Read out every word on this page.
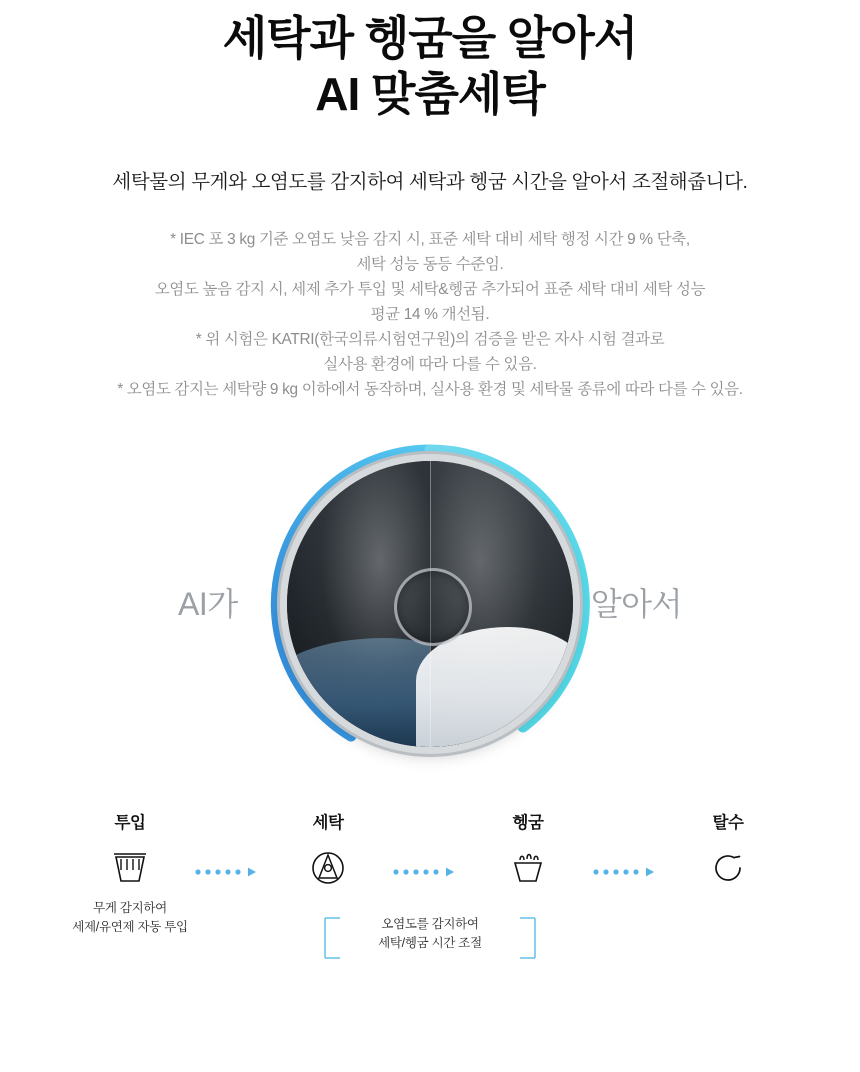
세탁과 헹굼을 알아서
AI 맞춤세탁
세탁물의 무게와 오염도를 감지하여 세탁과 헹굼 시간을 알아서 조절해줍니다.
* IEC 포 3 kg 기준 오염도 낮음 감지 시, 표준 세탁 대비 세탁 행정 시간 9 % 단축,
세탁 성능 동등 수준임.
오염도 높음 감지 시, 세제 추가 투입 및 세탁&헹굼 추가되어 표준 세탁 대비 세탁 성능
평균 14 % 개선됨.
* 위 시험은 KATRI(한국의류시험연구원)의 검증을 받은 자사 시험 결과로
실사용 환경에 따라 다를 수 있음.
* 오염도 감지는 세탁량 9 kg 이하에서 동작하며, 실사용 환경 및 세탁물 종류에 따라 다를 수 있음.
AI가	알아서
투입
무게 감지하여
세제/유연제 자동 투입
세탁	헹굼	탈수
오염도를 감지하여
세탁/헹굼 시간 조절
